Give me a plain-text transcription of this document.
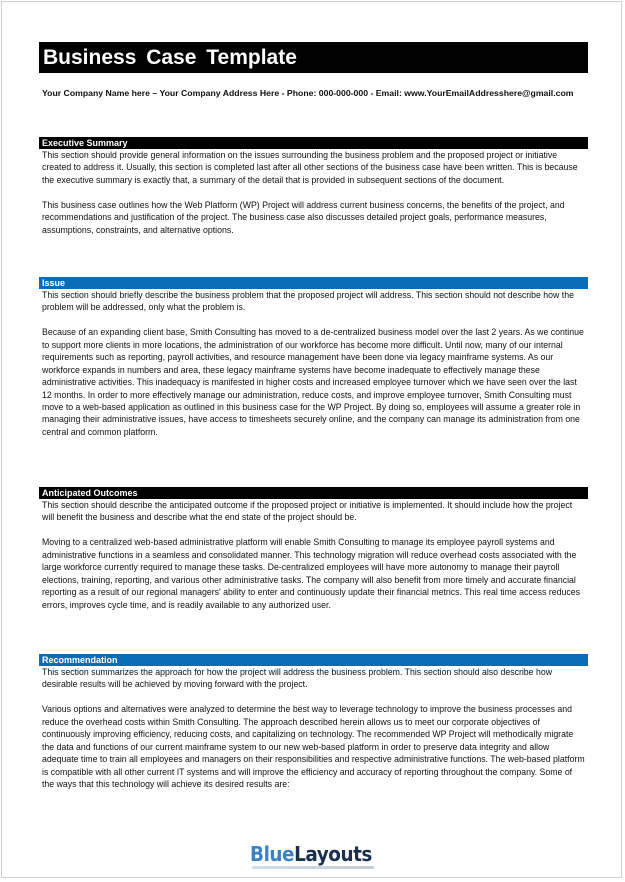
Business Case Template
Your Company Name here – Your Company Address Here - Phone: 000-000-000 - Email: www.YourEmailAddresshere@gmail.com
Executive Summary

This section should provide general information on the issues surrounding the business problem and the proposed project or initiative created to address it. Usually, this section is completed last after all other sections of the business case have been written. This is because the executive summary is exactly that, a summary of the detail that is provided in subsequent sections of the document.

This business case outlines how the Web Platform (WP) Project will address current business concerns, the benefits of the project, and recommendations and justification of the project. The business case also discusses detailed project goals, performance measures, assumptions, constraints, and alternative options.

Issue

This section should briefly describe the business problem that the proposed project will address. This section should not describe how the problem will be addressed, only what the problem is.

Because of an expanding client base, Smith Consulting has moved to a de-centralized business model over the last 2 years. As we continue to support more clients in more locations, the administration of our workforce has become more difficult. Until now, many of our internal requirements such as reporting, payroll activities, and resource management have been done via legacy mainframe systems. As our workforce expands in numbers and area, these legacy mainframe systems have become inadequate to effectively manage these administrative activities. This inadequacy is manifested in higher costs and increased employee turnover which we have seen over the last 12 months. In order to more effectively manage our administration, reduce costs, and improve employee turnover, Smith Consulting must move to a web-based application as outlined in this business case for the WP Project. By doing so, employees will assume a greater role in managing their administrative issues, have access to timesheets securely online, and the company can manage its administration from one central and common platform.

Anticipated Outcomes

This section should describe the anticipated outcome if the proposed project or initiative is implemented. It should include how the project will benefit the business and describe what the end state of the project should be.

Moving to a centralized web-based administrative platform will enable Smith Consulting to manage its employee payroll systems and administrative functions in a seamless and consolidated manner. This technology migration will reduce overhead costs associated with the large workforce currently required to manage these tasks. De-centralized employees will have more autonomy to manage their payroll elections, training, reporting, and various other administrative tasks. The company will also benefit from more timely and accurate financial reporting as a result of our regional managers' ability to enter and continuously update their financial metrics. This real time access reduces errors, improves cycle time, and is readily available to any authorized user.

Recommendation

This section summarizes the approach for how the project will address the business problem. This section should also describe how desirable results will be achieved by moving forward with the project.

Various options and alternatives were analyzed to determine the best way to leverage technology to improve the business processes and reduce the overhead costs within Smith Consulting. The approach described herein allows us to meet our corporate objectives of continuously improving efficiency, reducing costs, and capitalizing on technology. The recommended WP Project will methodically migrate the data and functions of our current mainframe system to our new web-based platform in order to preserve data integrity and allow adequate time to train all employees and managers on their responsibilities and respective administrative functions. The web-based platform is compatible with all other current IT systems and will improve the efficiency and accuracy of reporting throughout the company. Some of the ways that this technology will achieve its desired results are:

BlueLayouts
